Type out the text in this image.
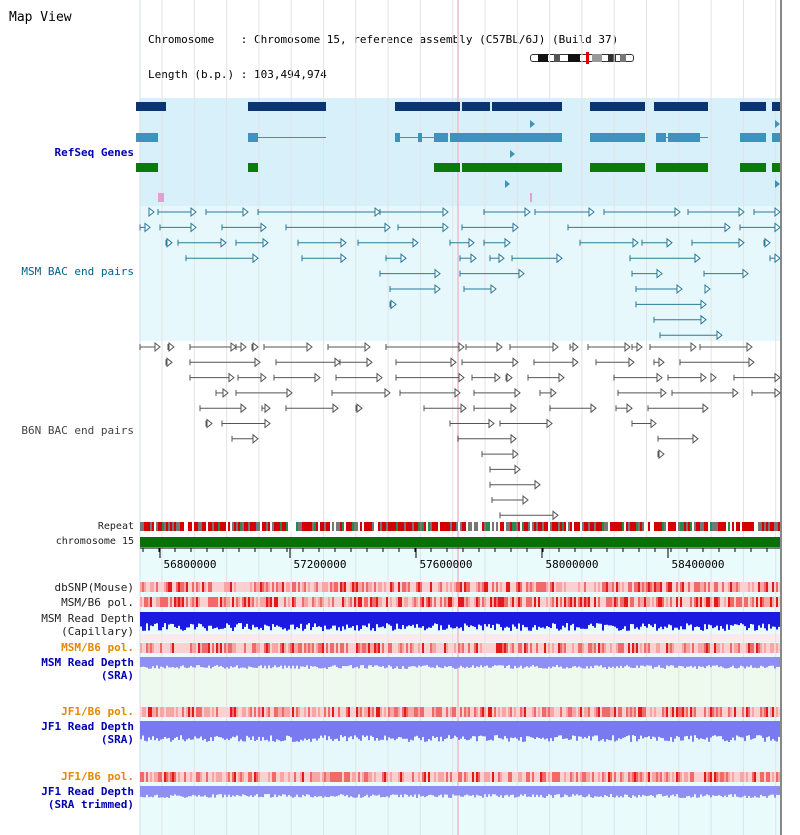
Map View

Chromosome    : Chromosome 15, reference assembly (C57BL/6J) (Build 37)

Length (b.p.) : 103,494,974

RefSeq Genes
MSM BAC end pairs
B6N BAC end pairs
Repeat
chromosome 15
dbSNP(Mouse)
MSM/B6 pol.
MSM Read Depth
(Capillary)
MSM/B6 pol.
MSM Read Depth
(SRA)
JF1/B6 pol.
JF1 Read Depth
(SRA)
JF1/B6 pol.
JF1 Read Depth
(SRA trimmed)
56800000	57200000	57600000	58000000	58400000
